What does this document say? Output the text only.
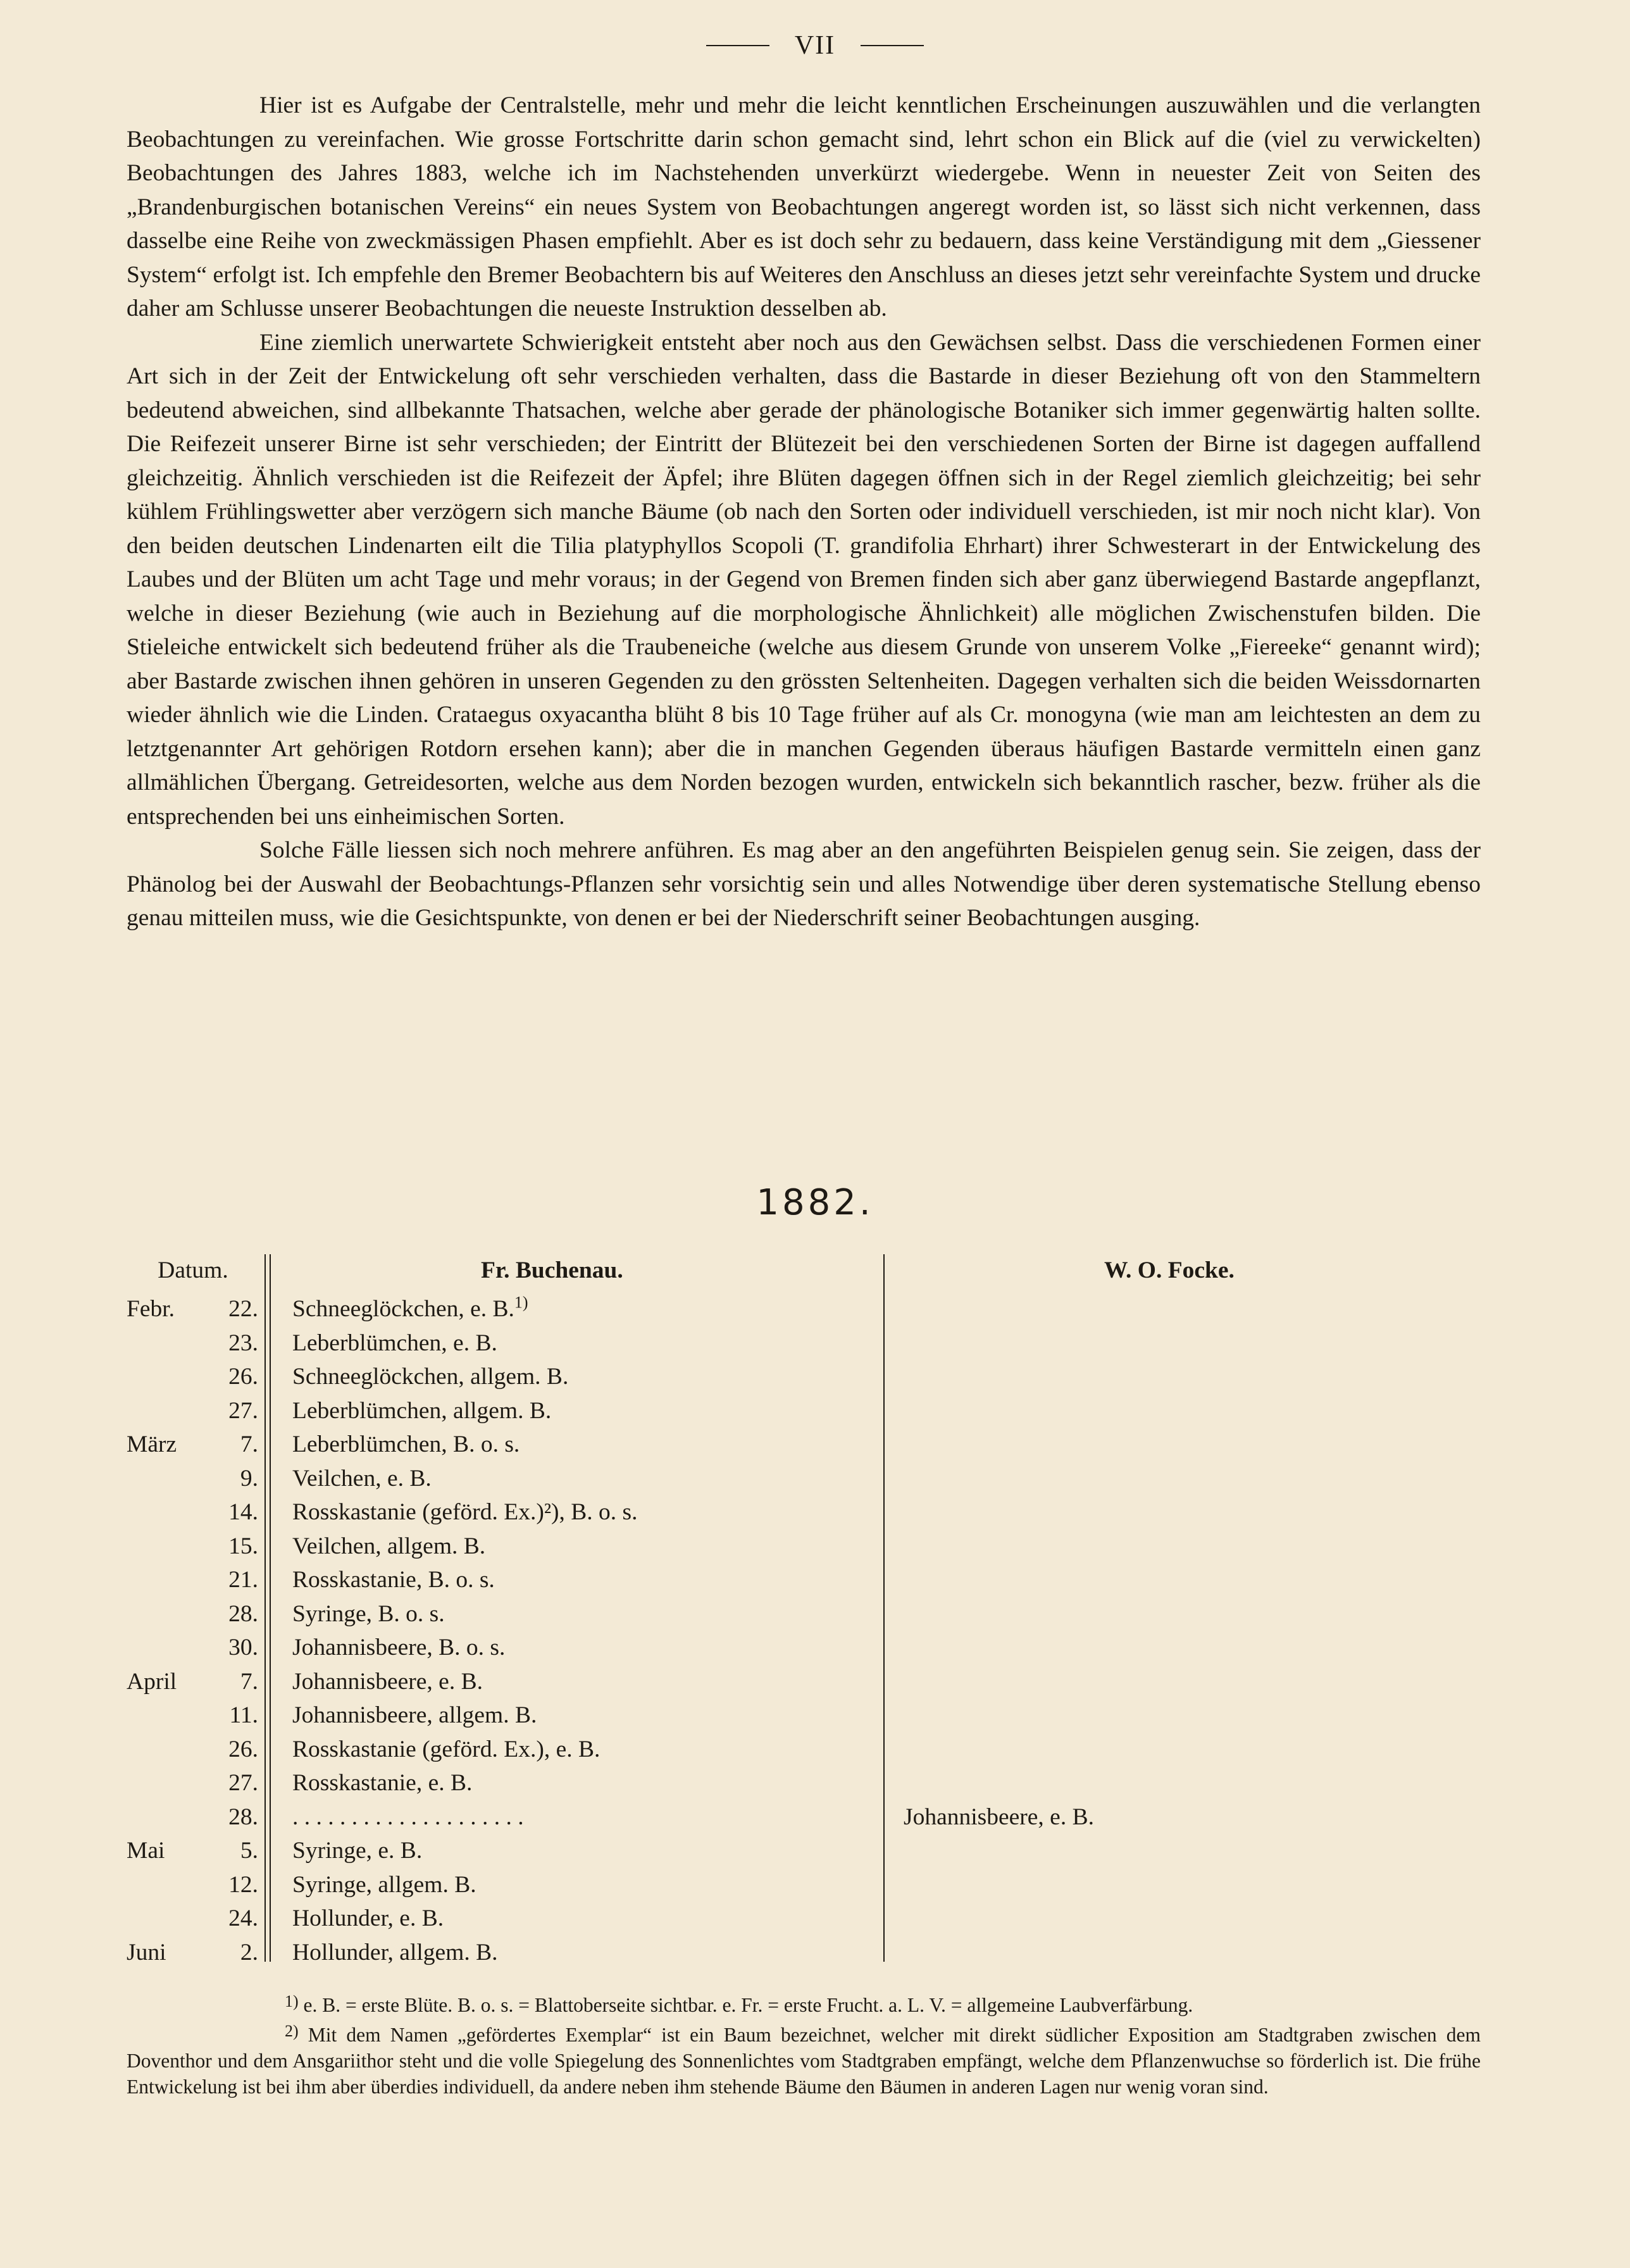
VII

Hier ist es Aufgabe der Centralstelle, mehr und mehr die leicht kenntlichen Erscheinungen auszuwählen und die verlangten Beobachtungen zu vereinfachen. Wie grosse Fortschritte darin schon gemacht sind, lehrt schon ein Blick auf die (viel zu verwickelten) Beobachtungen des Jahres 1883, welche ich im Nachstehenden unverkürzt wiedergebe. Wenn in neuester Zeit von Seiten des „Brandenburgischen botanischen Vereins“ ein neues System von Beobachtungen angeregt worden ist, so lässt sich nicht verkennen, dass dasselbe eine Reihe von zweckmässigen Phasen empfiehlt. Aber es ist doch sehr zu bedauern, dass keine Verständigung mit dem „Giessener System“ erfolgt ist. Ich empfehle den Bremer Beobachtern bis auf Weiteres den Anschluss an dieses jetzt sehr vereinfachte System und drucke daher am Schlusse unserer Beobachtungen die neueste Instruktion desselben ab.

Eine ziemlich unerwartete Schwierigkeit entsteht aber noch aus den Gewächsen selbst. Dass die verschiedenen Formen einer Art sich in der Zeit der Entwickelung oft sehr verschieden verhalten, dass die Bastarde in dieser Beziehung oft von den Stammeltern bedeutend abweichen, sind allbekannte Thatsachen, welche aber gerade der phänologische Botaniker sich immer gegenwärtig halten sollte. Die Reifezeit unserer Birne ist sehr verschieden; der Eintritt der Blütezeit bei den verschiedenen Sorten der Birne ist dagegen auffallend gleichzeitig. Ähnlich verschieden ist die Reifezeit der Äpfel; ihre Blüten dagegen öffnen sich in der Regel ziemlich gleichzeitig; bei sehr kühlem Frühlingswetter aber verzögern sich manche Bäume (ob nach den Sorten oder individuell verschieden, ist mir noch nicht klar). Von den beiden deutschen Lindenarten eilt die Tilia platyphyllos Scopoli (T. grandifolia Ehrhart) ihrer Schwesterart in der Entwickelung des Laubes und der Blüten um acht Tage und mehr voraus; in der Gegend von Bremen finden sich aber ganz überwiegend Bastarde angepflanzt, welche in dieser Beziehung (wie auch in Beziehung auf die morphologische Ähnlichkeit) alle möglichen Zwischenstufen bilden. Die Stieleiche entwickelt sich bedeutend früher als die Traubeneiche (welche aus diesem Grunde von unserem Volke „Fiereeke“ genannt wird); aber Bastarde zwischen ihnen gehören in unseren Gegenden zu den grössten Seltenheiten. Dagegen verhalten sich die beiden Weissdornarten wieder ähnlich wie die Linden. Crataegus oxyacantha blüht 8 bis 10 Tage früher auf als Cr. monogyna (wie man am leichtesten an dem zu letztgenannter Art gehörigen Rotdorn ersehen kann); aber die in manchen Gegenden überaus häufigen Bastarde vermitteln einen ganz allmählichen Übergang. Getreidesorten, welche aus dem Norden bezogen wurden, entwickeln sich bekanntlich rascher, bezw. früher als die entsprechenden bei uns einheimischen Sorten.

Solche Fälle liessen sich noch mehrere anführen. Es mag aber an den angeführten Beispielen genug sein. Sie zeigen, dass der Phänolog bei der Auswahl der Beobachtungs-Pflanzen sehr vorsichtig sein und alles Notwendige über deren systematische Stellung ebenso genau mitteilen muss, wie die Gesichtspunkte, von denen er bei der Niederschrift seiner Beobachtungen ausging.

1882.
Datum.	Fr. Buchenau.	W. O. Focke.
Febr.	22. Schneeglöckchen, e. B.$^{1)}$
23. Leberblümchen, e. B.
26. Schneeglöckchen, allgem. B.
27. Leberblümchen, allgem. B.
März	7. Leberblümchen, B. o. s.
9. Veilchen, e. B.
14. Rosskastanie (geförd. Ex.)²), B. o. s.
15. Veilchen, allgem. B.
21. Rosskastanie, B. o. s.
28. Syringe, B. o. s.
30. Johannisbeere, B. o. s.
April	7. Johannisbeere, e. B.
11. Johannisbeere, allgem. B.
26. Rosskastanie (geförd. Ex.), e. B.
27. Rosskastanie, e. B.
28. . . . . . . . . . . . . . . . . . . . .	Johannisbeere, e. B.
Mai	5. Syringe, e. B.
12. Syringe, allgem. B.
24. Hollunder, e. B.
Juni	2. Hollunder, allgem. B.

$^{1)}$ e. B. = erste Blüte. B. o. s. = Blattoberseite sichtbar. e. Fr. = erste Frucht. a. L. V. = allgemeine Laubverfärbung.

$^{2)}$ Mit dem Namen „gefördertes Exemplar“ ist ein Baum bezeichnet, welcher mit direkt südlicher Exposition am Stadtgraben zwischen dem Doventhor und dem Ansgariithor steht und die volle Spiegelung des Sonnenlichtes vom Stadtgraben empfängt, welche dem Pflanzenwuchse so förderlich ist. Die frühe Entwickelung ist bei ihm aber überdies individuell, da andere neben ihm stehende Bäume den Bäumen in anderen Lagen nur wenig voran sind.
